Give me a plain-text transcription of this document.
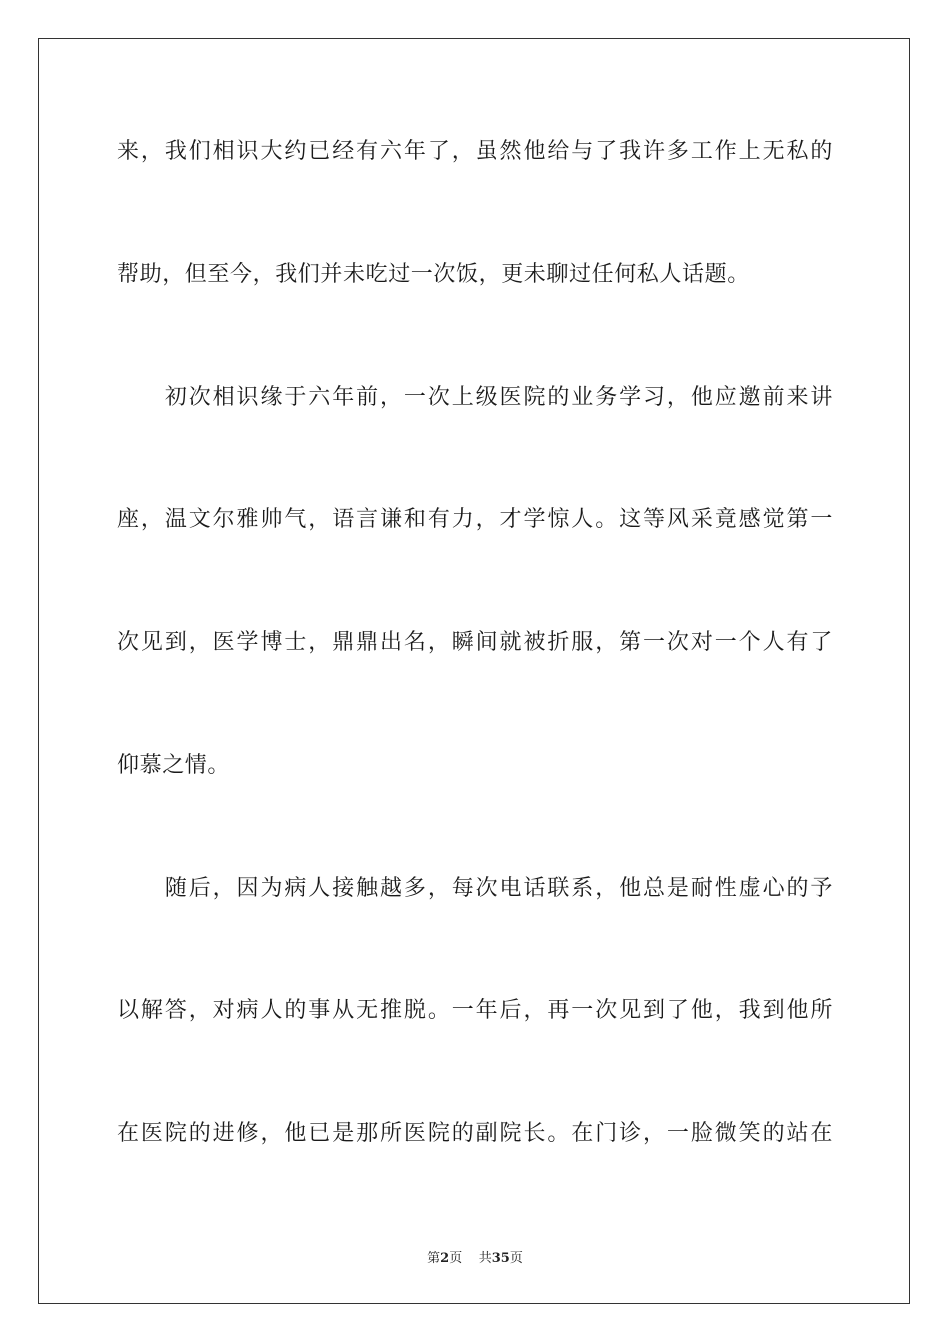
来，我们相识大约已经有六年了，虽然他给与了我许多工作上无私的
帮助，但至今，我们并未吃过一次饭，更未聊过任何私人话题。
　　初次相识缘于六年前，一次上级医院的业务学习，他应邀前来讲
座，温文尔雅帅气，语言谦和有力，才学惊人。这等风采竟感觉第一
次见到，医学博士，鼎鼎出名，瞬间就被折服，第一次对一个人有了
仰慕之情。
　　随后，因为病人接触越多，每次电话联系，他总是耐性虚心的予
以解答，对病人的事从无推脱。一年后，再一次见到了他，我到他所
在医院的进修，他已是那所医院的副院长。在门诊，一脸微笑的站在
第2页 共35页
